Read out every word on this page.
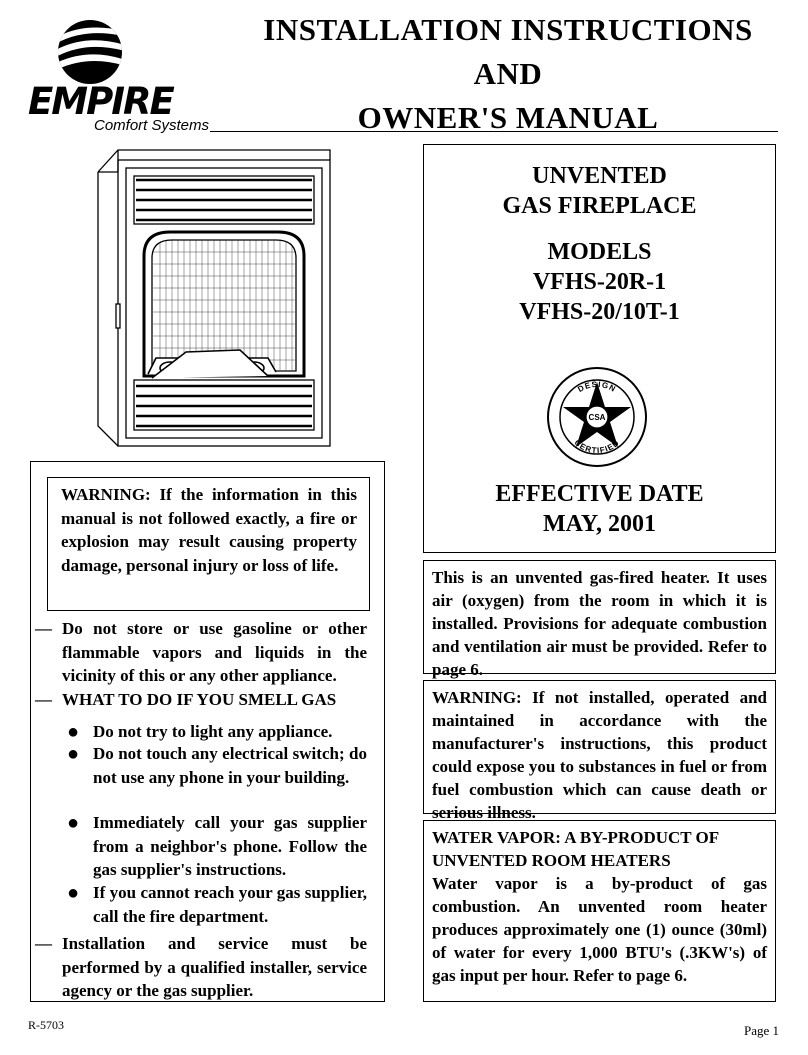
EMPIRE
Comfort Systems
INSTALLATION INSTRUCTIONS
AND
OWNER'S MANUAL
UNVENTED
GAS FIREPLACE
MODELS
VFHS-20R-1
VFHS-20/10T-1
DESIGN
CERTIFIED
CSA
EFFECTIVE DATE
MAY, 2001
WARNING: If the information in this manual is not followed exactly, a fire or explosion may result causing property damage, personal injury or loss of life.
— Do not store or use gasoline or other flammable vapors and liquids in the vicinity of this or any other appliance.
— WHAT TO DO IF YOU SMELL GAS
● Do not try to light any appliance.
● Do not touch any electrical switch; do not use any phone in your building.
● Immediately call your gas supplier from a neighbor's phone. Follow the gas supplier's instructions.
● If you cannot reach your gas supplier, call the fire department.
— Installation and service must be performed by a qualified installer, service agency or the gas supplier.
This is an unvented gas-fired heater. It uses air (oxygen) from the room in which it is installed. Provisions for adequate combustion and ventilation air must be provided. Refer to page 6.
WARNING: If not installed, operated and maintained in accordance with the manufacturer's instructions, this product could expose you to substances in fuel or from fuel combustion which can cause death or serious illness.
WATER VAPOR: A BY-PRODUCT OF
UNVENTED ROOM HEATERS
Water vapor is a by-product of gas combustion. An unvented room heater produces approximately one (1) ounce (30ml) of water for every 1,000 BTU's (.3KW's) of gas input per hour. Refer to page 6.
R-5703	Page 1
